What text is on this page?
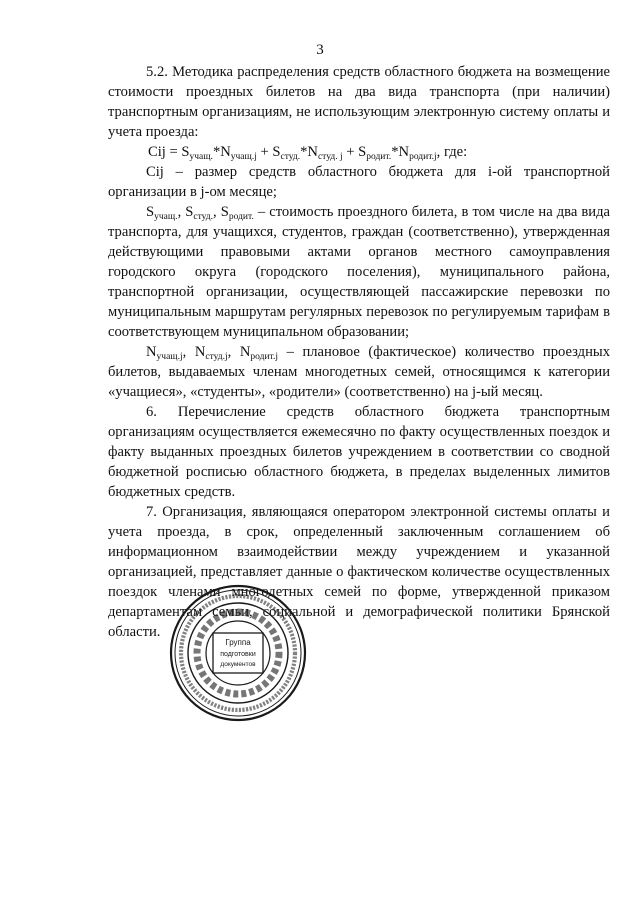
3

5.2. Методика распределения средств областного бюджета на возмещение стоимости проездных билетов на два вида транспорта (при наличии) транспортным организациям, не использующим электронную систему оплаты и учета проезда:

Cij = $S_{учащ.}*N_{учащ.j} + S_{студ.}*N_{студ. j} + S_{родит.}*N_{родит.j}$, где:

Cij – размер средств областного бюджета для i-ой транспортной организации в j-ом месяце;

$S_{учащ.}$, $S_{студ.}$, $S_{родит.}$ – стоимость проездного билета, в том числе на два вида транспорта, для учащихся, студентов, граждан (соответственно), утвержденная действующими правовыми актами органов местного самоуправления городского округа (городского поселения), муниципального района, транспортной организации, осуществляющей пассажирские перевозки по муниципальным маршрутам регулярных перевозок по регулируемым тарифам в соответствующем муниципальном образовании;

$N_{учащ.j}$, $N_{студ.j}$, $N_{родит.j}$ – плановое (фактическое) количество проездных билетов, выдаваемых членам многодетных семей, относящимся к категории «учащиеся», «студенты», «родители» (соответственно) на j-ый месяц.

6. Перечисление средств областного бюджета транспортным организациям осуществляется ежемесячно по факту осуществленных поездок и факту выданных проездных билетов учреждением в соответствии со сводной бюджетной росписью областного бюджета, в пределах выделенных лимитов бюджетных средств.

7. Организация, являющаяся оператором электронной системы оплаты и учета проезда, в срок, определенный заключенным соглашением об информационном взаимодействии между учреждением и указанной организацией, представляет данные о фактическом количестве осуществленных поездок членами многодетных семей по форме, утвержденной приказом департаментам семьи, социальной и демографической политики Брянской области.

Группа
подготовки
документов
